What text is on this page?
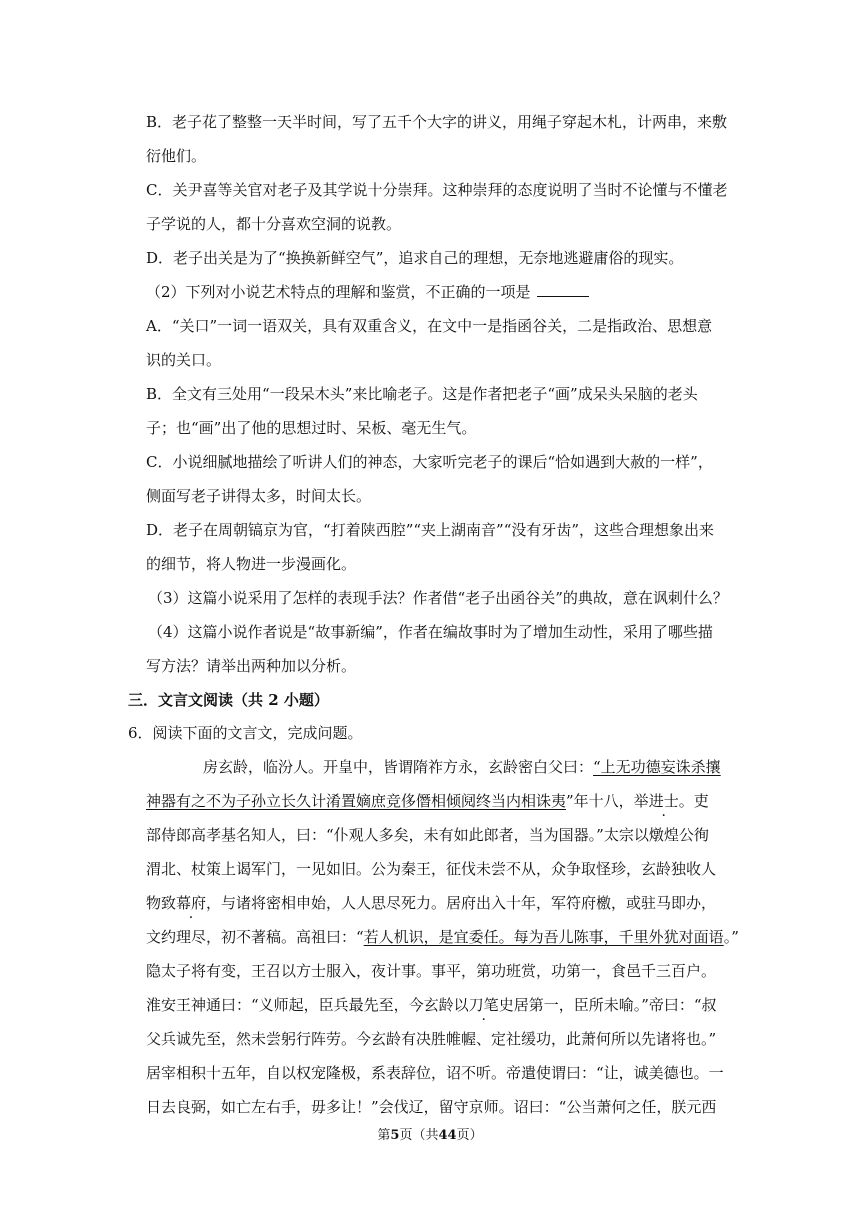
B．老子花了整整一天半时间，写了五千个大字的讲义，用绳子穿起木札，计两串，来敷
衍他们。
C．关尹喜等关官对老子及其学说十分崇拜。这种崇拜的态度说明了当时不论懂与不懂老
子学说的人，都十分喜欢空洞的说教。
D．老子出关是为了“换换新鲜空气”，追求自己的理想，无奈地逃避庸俗的现实。
（2）下列对小说艺术特点的理解和鉴赏，不正确的一项是
A．“关口”一词一语双关，具有双重含义，在文中一是指函谷关，二是指政治、思想意
识的关口。
B．全文有三处用“一段呆木头”来比喻老子。这是作者把老子“画”成呆头呆脑的老头
子；也“画”出了他的思想过时、呆板、毫无生气。
C．小说细腻地描绘了听讲人们的神态，大家听完老子的课后“恰如遇到大赦的一样”，
侧面写老子讲得太多，时间太长。
D．老子在周朝镐京为官，“打着陕西腔”“夹上湖南音”“没有牙齿”，这些合理想象出来
的细节，将人物进一步漫画化。
（3）这篇小说采用了怎样的表现手法？作者借“老子出函谷关”的典故，意在讽刺什么？
（4）这篇小说作者说是“故事新编”，作者在编故事时为了增加生动性，采用了哪些描
写方法？请举出两种加以分析。
三．文言文阅读（共 2 小题）
6．阅读下面的文言文，完成问题。
房玄龄，临汾人。开皇中，皆谓隋祚方永，玄龄密白父曰：“上无功德妄诛杀攘
神器有之不为子孙立长久计淆置嫡庶竞侈僭相倾阋终当内相诛夷”年十八，举进士。吏
部侍郎高孝基名知人，曰：“仆观人多矣，未有如此郎者，当为国器。”太宗以燉煌公徇
渭北、杖策上谒军门，一见如旧。公为秦王，征伐未尝不从，众争取怪珍，玄龄独收人
物致幕府，与诸将密相申始，人人思尽死力。居府出入十年，军符府檄，或驻马即办，
文约理尽，初不著稿。高祖曰：“若人机识，是宜委任。每为吾儿陈事，千里外犹对面语。”
隐太子将有变，王召以方士服入，夜计事。事平，第功班赏，功第一，食邑千三百户。
淮安王神通曰：“义师起，臣兵最先至，今玄龄以刀笔史居第一，臣所未喻。”帝曰：“叔
父兵诚先至，然未尝躬行阵劳。今玄龄有决胜帷幄、定社缓功，此萧何所以先诸将也。”
居宰相积十五年，自以权宠隆极，系表辞位，诏不听。帝遣使谓曰：“让，诚美德也。一
日去良弼，如亡左右手，毋多让！”会伐辽，留守京师。诏曰：“公当萧何之任，朕元西
第5页（共44页）
